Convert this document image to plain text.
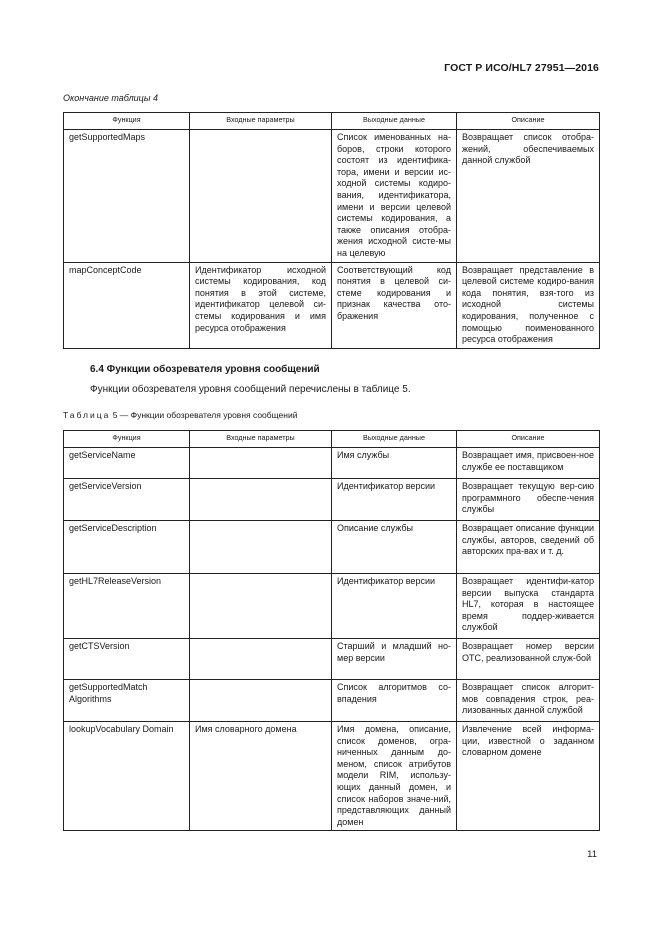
ГОСТ Р ИСО/HL7 27951—2016
Окончание таблицы 4
Функция	Входные параметры	Выходные данные	Описание
getSupportedMaps		Список именованных на-боров, строки которого состоят из идентифика-тора, имени и версии ис-ходной системы кодиро-вания, идентификатора, имени и версии целевой системы кодирования, а также описания отобра-жения исходной систе-мы на целевую	Возвращает список отобра-жений, обеспечиваемых данной службой
mapConceptCode	Идентификатор исходной системы кодирования, код понятия в этой системе, идентификатор целевой си-стемы кодирования и имя ресурса отображения	Соответствующий код понятия в целевой си-стеме кодирования и признак качества ото-бражения	Возвращает представление в целевой системе кодиро-вания кода понятия, взя-того из исходной системы кодирования, полученное с помощью поименованного ресурса отображения
6.4 Функции обозревателя уровня сообщений
Функции обозревателя уровня сообщений перечислены в таблице 5.
Таблица 5 — Функции обозревателя уровня сообщений
Функция	Входные параметры	Выходные данные	Описание
getServiceName		Имя службы	Возвращает имя, присвоен-ное службе ее поставщиком
getServiceVersion		Идентификатор версии	Возвращает текущую вер-сию программного обеспе-чения службы
getServiceDescription		Описание службы	Возвращает описание функции службы, авторов, сведений об авторских пра-вах и т. д.
getHL7ReleaseVersion		Идентификатор версии	Возвращает идентифи-катор версии выпуска стандарта HL7, которая в настоящее время поддер-живается службой
getCTSVersion		Старший и младший но-мер версии	Возвращает номер версии ОТС, реализованной служ-бой
getSupportedMatch Algorithms		Список алгоритмов со-впадения	Возвращает список алгорит-мов совпадения строк, реа-лизованных данной службой
lookupVocabulary Domain	Имя словарного домена	Имя домена, описание, список доменов, огра-ниченных данным до-меном, список атрибутов модели RIM, использу-ющих данный домен, и список наборов значе-ний, представляющих данный домен	Извлечение всей информа-ции, известной о заданном словарном домене
11
